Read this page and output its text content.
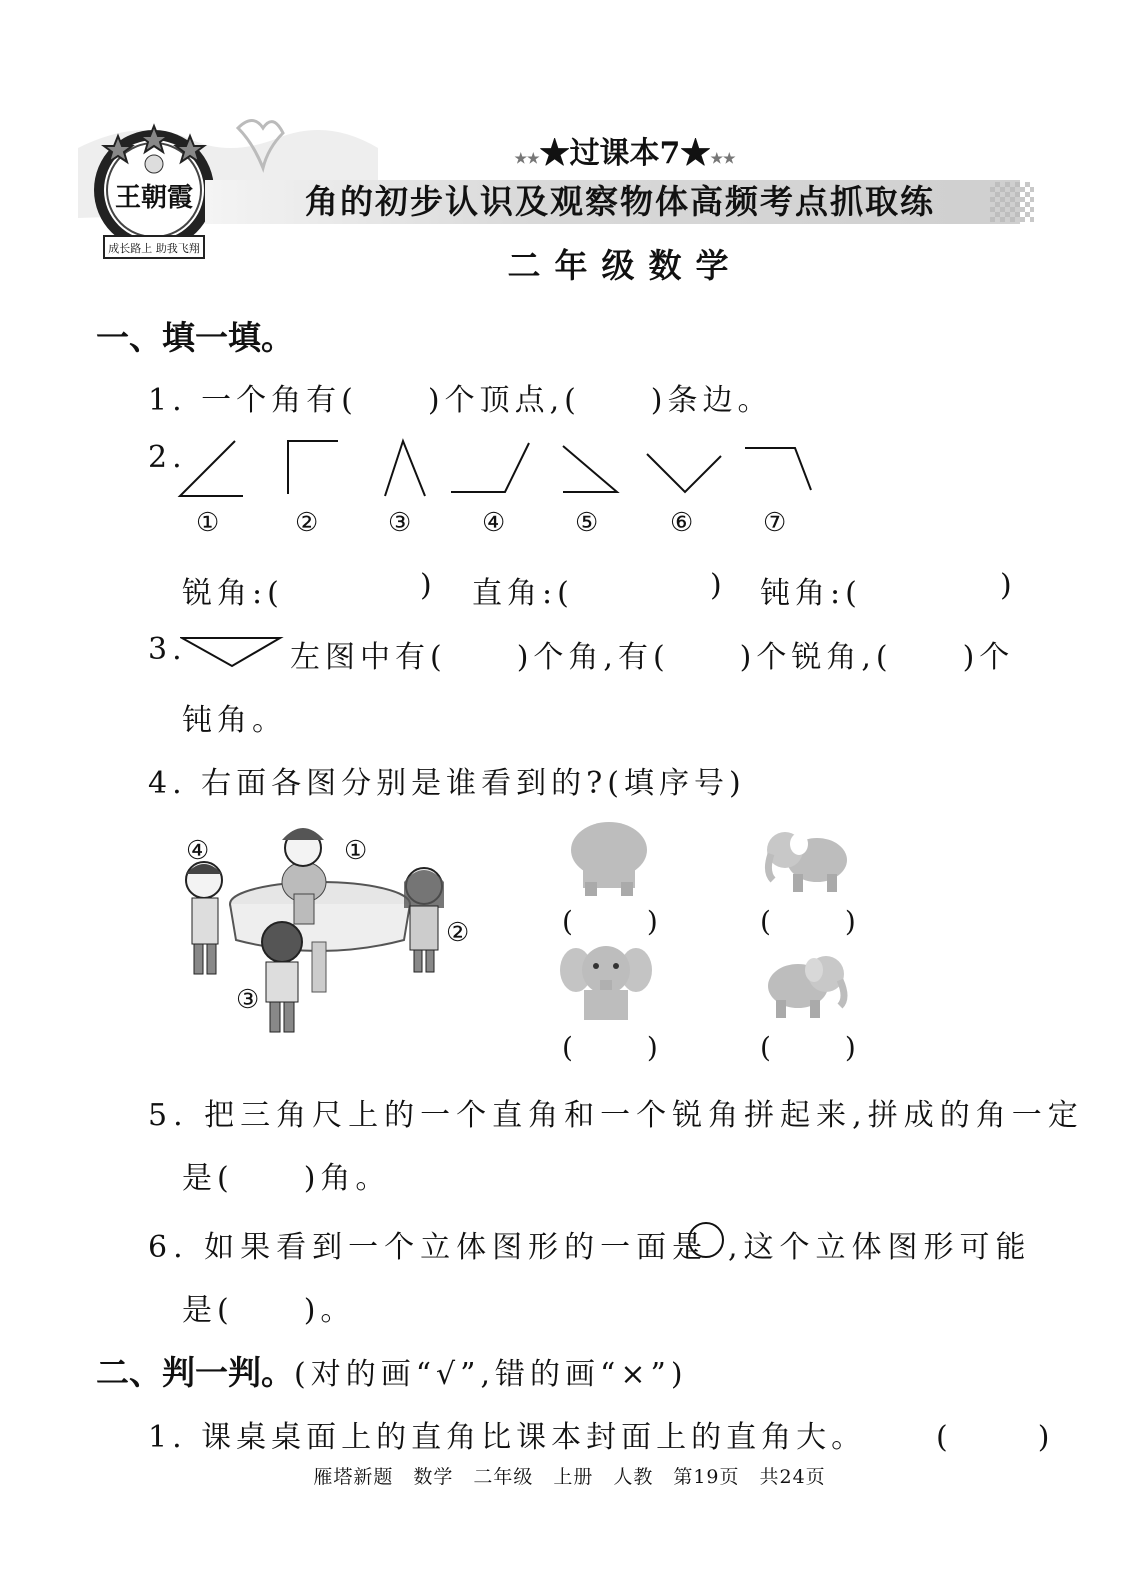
王朝霞
成长路上 助我飞翔
★★★过课本7★★★
角的初步认识及观察物体高频考点抓取练
二年级数学
一、填一填。
1. 一个角有(　　)个顶点,(　　)条边。
2.
①	②	③	④	⑤	⑥	⑦
锐角:(	) 直角:(	) 钝角:(	)
3.	左图中有(　　)个角,有(　　)个锐角,(　　)个
钝角。
4. 右面各图分别是谁看到的?(填序号)
④	①
②
③
(　　)	(　　)
(　　)	(　　)
5. 把三角尺上的一个直角和一个锐角拼起来,拼成的角一定
是(　　)角。
6. 如果看到一个立体图形的一面是 ,这个立体图形可能
是(　　)。
二、判一判。(对的画“√”,错的画“×”)
1. 课桌桌面上的直角比课本封面上的直角大。 (　　)
雁塔新题　数学　二年级　上册　人教　第19页　共24页
